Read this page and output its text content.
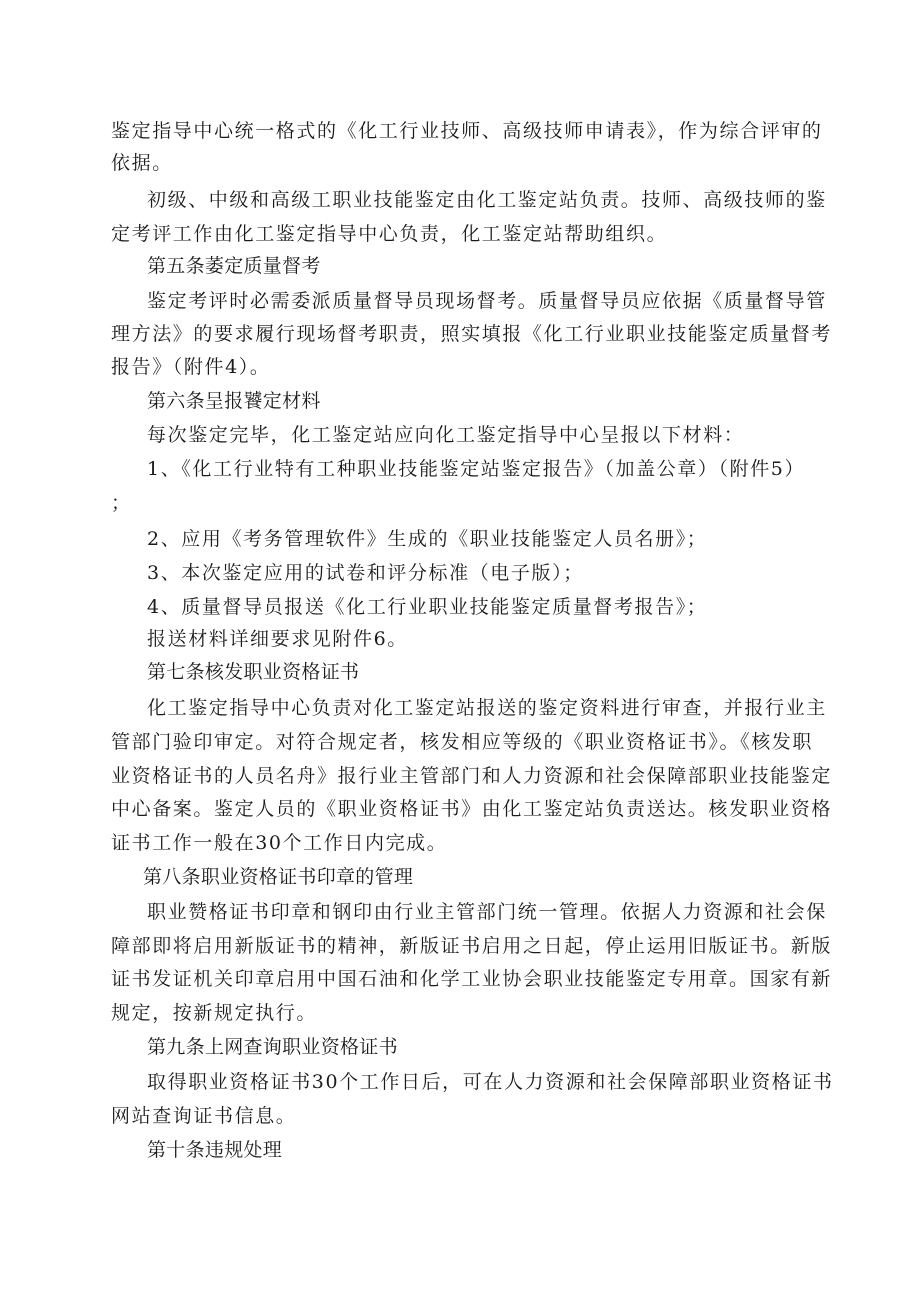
鉴定指导中心统一格式的《化工行业技师、高级技师申请表》，作为综合评审的
依据。
初级、中级和高级工职业技能鉴定由化工鉴定站负责。技师、高级技师的鉴
定考评工作由化工鉴定指导中心负责，化工鉴定站帮助组织。
第五条萎定质量督考
鉴定考评时必需委派质量督导员现场督考。质量督导员应依据《质量督导管
理方法》的要求履行现场督考职责，照实填报《化工行业职业技能鉴定质量督考
报告》（附件4）。
第六条呈报饕定材料
每次鉴定完毕，化工鉴定站应向化工鉴定指导中心呈报以下材料：
1、《化工行业特有工种职业技能鉴定站鉴定报告》（加盖公章）（附件5）
；
2、应用《考务管理软件》生成的《职业技能鉴定人员名册》；
3、本次鉴定应用的试卷和评分标准（电子版）；
4、质量督导员报送《化工行业职业技能鉴定质量督考报告》；
报送材料详细要求见附件6。
第七条核发职业资格证书
化工鉴定指导中心负责对化工鉴定站报送的鉴定资料进行审查，并报行业主
管部门验印审定。对符合规定者，核发相应等级的《职业资格证书》。《核发职
业资格证书的人员名舟》报行业主管部门和人力资源和社会保障部职业技能鉴定
中心备案。鉴定人员的《职业资格证书》由化工鉴定站负责送达。核发职业资格
证书工作一般在30个工作日内完成。
第八条职业资格证书印章的管理
职业赞格证书印章和钢印由行业主管部门统一管理。依据人力资源和社会保
障部即将启用新版证书的精神，新版证书启用之日起，停止运用旧版证书。新版
证书发证机关印章启用中国石油和化学工业协会职业技能鉴定专用章。国家有新
规定，按新规定执行。
第九条上网查询职业资格证书
取得职业资格证书30个工作日后，可在人力资源和社会保障部职业资格证书
网站查询证书信息。
第十条违规处理
